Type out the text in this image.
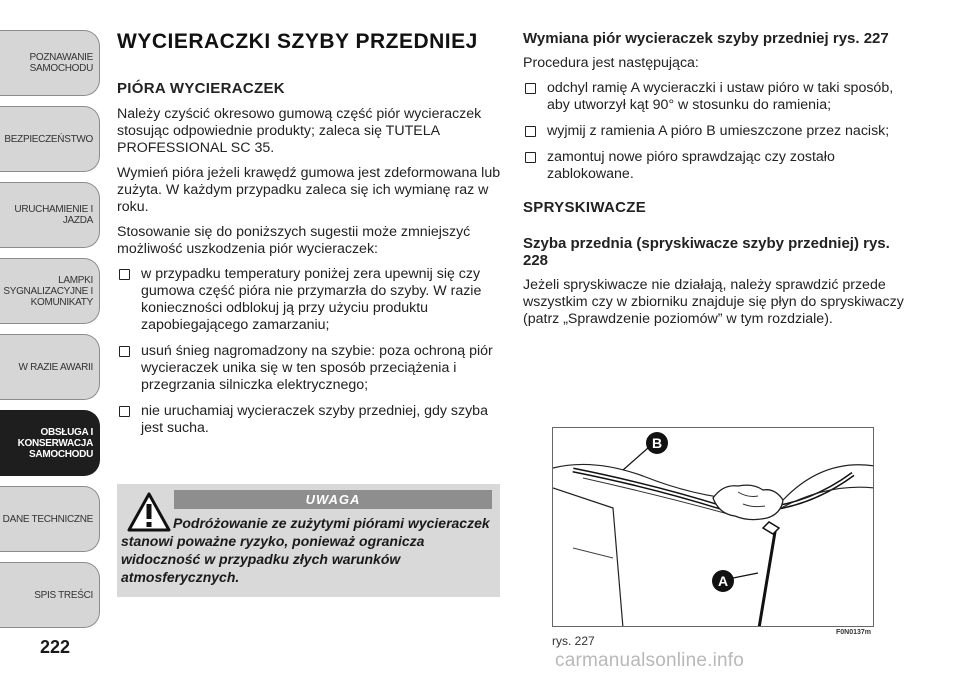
POZNAWANIE
SAMOCHODU
BEZPIECZEŃSTWO
URUCHAMIENIE I
JAZDA
LAMPKI
SYGNALIZACYJNE I
KOMUNIKATY
W RAZIE AWARII
OBSŁUGA I
KONSERWACJA
SAMOCHODU
DANE TECHNICZNE
SPIS TREŚCI
222
WYCIERACZKI SZYBY PRZEDNIEJ
PIÓRA WYCIERACZEK

Należy czyścić okresowo gumową część piór wycieraczek stosując odpowiednie produkty; zaleca się TUTELA PROFESSIONAL SC 35.

Wymień pióra jeżeli krawędź gumowa jest zdeformowana lub zużyta. W każdym przypadku zaleca się ich wymianę raz w roku.

Stosowanie się do poniższych sugestii może zmniejszyć możliwość uszkodzenia piór wycieraczek:

w przypadku temperatury poniżej zera upewnij się czy gumowa część pióra nie przymarzła do szyby. W razie konieczności odblokuj ją przy użyciu produktu zapobiegającego zamarzaniu;
usuń śnieg nagromadzony na szybie: poza ochroną piór wycieraczek unika się w ten sposób przeciążenia i przegrzania silniczka elektrycznego;
nie uruchamiaj wycieraczek szyby przedniej, gdy szyba jest sucha.
UWAGA
Podróżowanie ze zużytymi piórami wycieraczek stanowi poważne ryzyko, ponieważ ogranicza widoczność w przypadku złych warunków atmosferycznych.
Wymiana piór wycieraczek szyby przedniej rys. 227

Procedura jest następująca:

odchyl ramię A wycieraczki i ustaw pióro w taki sposób, aby utworzył kąt 90° w stosunku do ramienia;
wyjmij z ramienia A pióro B umieszczone przez nacisk;
zamontuj nowe pióro sprawdzając czy zostało zablokowane.
SPRYSKIWACZE
Szyba przednia (spryskiwacze szyby przedniej) rys. 228

Jeżeli spryskiwacze nie działają, należy sprawdzić przede wszystkim czy w zbiorniku znajduje się płyn do spryskiwaczy (patrz „Sprawdzenie poziomów” w tym rozdziale).

B
A
rys. 227
F0N0137m
carmanualsonline.info
